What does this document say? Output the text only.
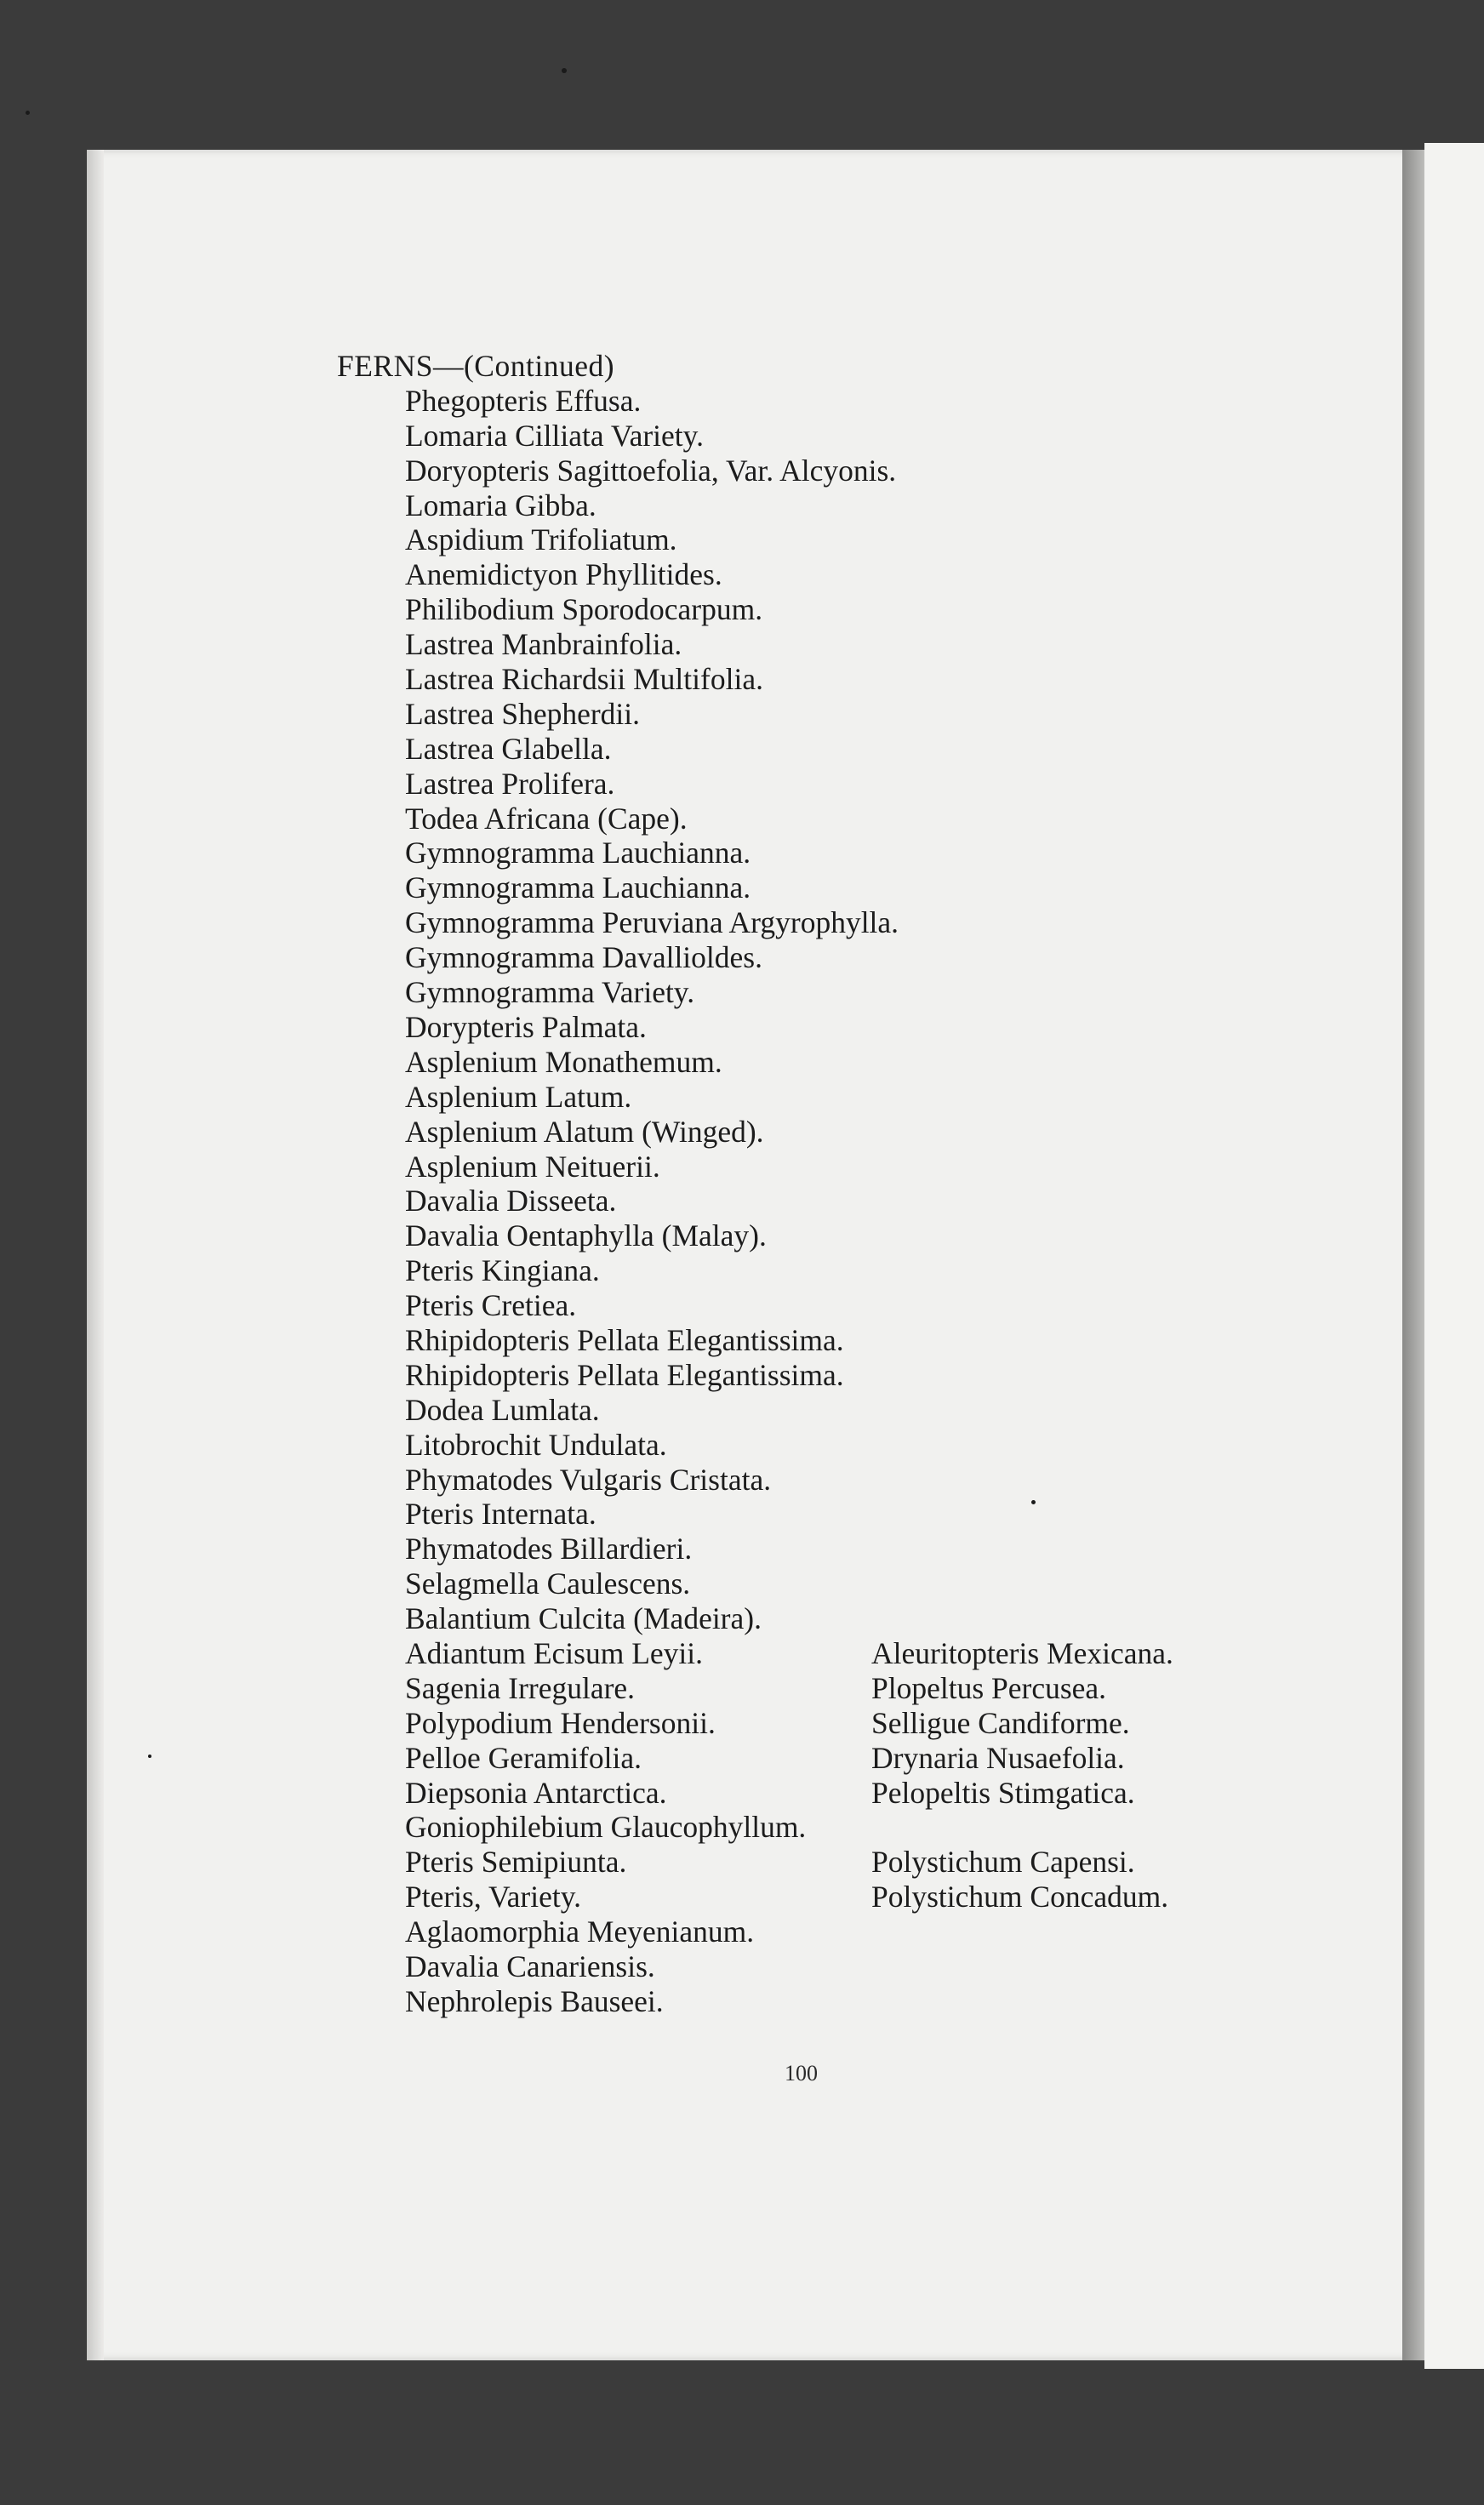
FERNS—(Continued)
Phegopteris Effusa.
Lomaria Cilliata Variety.
Doryopteris Sagittoefolia, Var. Alcyonis.
Lomaria Gibba.
Aspidium Trifoliatum.
Anemidictyon Phyllitides.
Philibodium Sporodocarpum.
Lastrea Manbrainfolia.
Lastrea Richardsii Multifolia.
Lastrea Shepherdii.
Lastrea Glabella.
Lastrea Prolifera.
Todea Africana (Cape).
Gymnogramma Lauchianna.
Gymnogramma Lauchianna.
Gymnogramma Peruviana Argyrophylla.
Gymnogramma Davallioldes.
Gymnogramma Variety.
Dorypteris Palmata.
Asplenium Monathemum.
Asplenium Latum.
Asplenium Alatum (Winged).
Asplenium Neituerii.
Davalia Disseeta.
Davalia Oentaphylla (Malay).
Pteris Kingiana.
Pteris Cretiea.
Rhipidopteris Pellata Elegantissima.
Rhipidopteris Pellata Elegantissima.
Dodea Lumlata.
Litobrochit Undulata.
Phymatodes Vulgaris Cristata.
Pteris Internata.
Phymatodes Billardieri.
Selagmella Caulescens.
Balantium Culcita (Madeira).
Adiantum Ecisum Leyii.	Aleuritopteris Mexicana.
Sagenia Irregulare.	Plopeltus Percusea.
Polypodium Hendersonii.	Selligue Candiforme.
Pelloe Geramifolia.	Drynaria Nusaefolia.
Diepsonia Antarctica.	Pelopeltis Stimgatica.
Goniophilebium Glaucophyllum.
Pteris Semipiunta.	Polystichum Capensi.
Pteris, Variety.	Polystichum Concadum.
Aglaomorphia Meyenianum.
Davalia Canariensis.
Nephrolepis Bauseei.
100
